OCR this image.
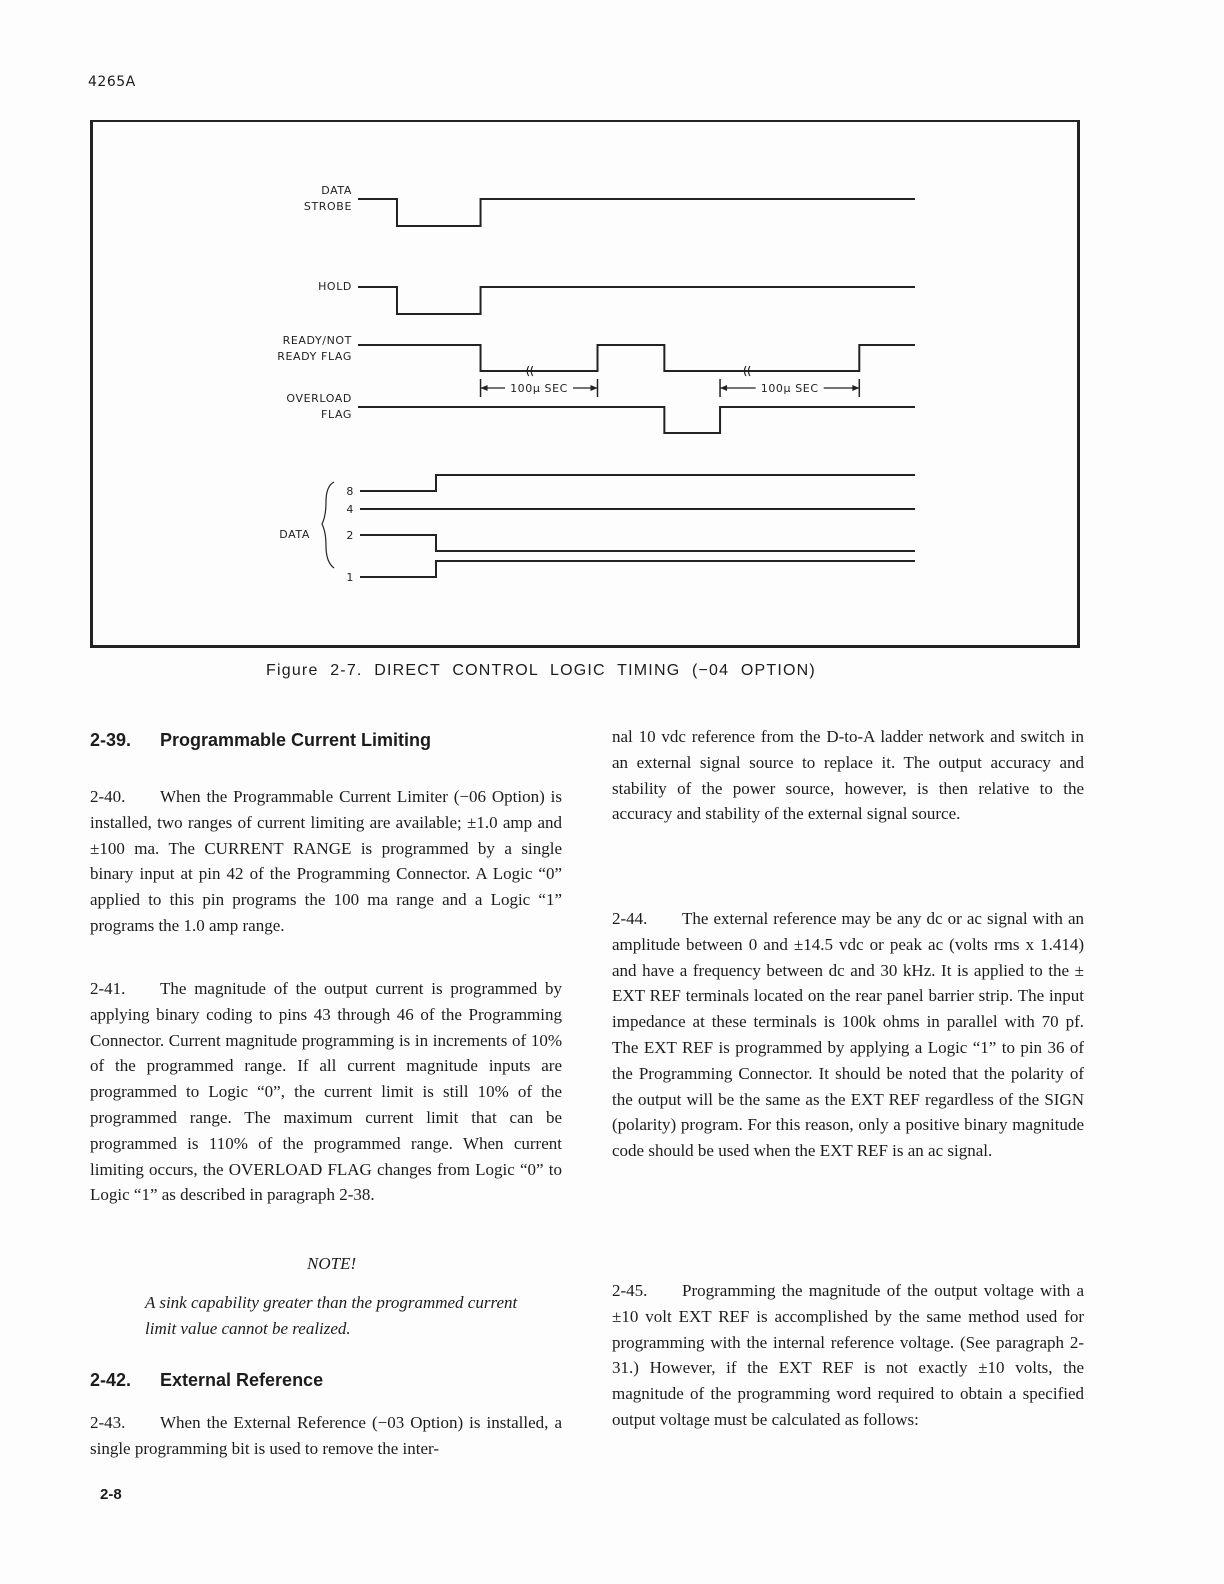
4265A
DATA
STROBE
HOLD
READY/NOT
READY FLAG
OVERLOAD
FLAG
100μ SEC	100μ SEC
8
4
2
1
DATA
Figure 2-7. DIRECT CONTROL LOGIC TIMING (−04 OPTION)
2-39. Programmable Current Limiting

2-40. When the Programmable Current Limiter (−06 Option) is installed, two ranges of current limiting are available; ±1.0 amp and ±100 ma. The CURRENT RANGE is programmed by a single binary input at pin 42 of the Programming Connector. A Logic “0” applied to this pin programs the 100 ma range and a Logic “1” programs the 1.0 amp range.

2-41. The magnitude of the output current is programmed by applying binary coding to pins 43 through 46 of the Programming Connector. Current magnitude programming is in increments of 10% of the programmed range. If all current magnitude inputs are programmed to Logic “0”, the current limit is still 10% of the programmed range. The maximum current limit that can be programmed is 110% of the programmed range. When current limiting occurs, the OVERLOAD FLAG changes from Logic “0” to Logic “1” as described in paragraph 2-38.

NOTE!
A sink capability greater than the programmed current limit value cannot be realized.
2-42. External Reference

2-43. When the External Reference (−03 Option) is installed, a single programming bit is used to remove the inter-

nal 10 vdc reference from the D-to-A ladder network and switch in an external signal source to replace it. The output accuracy and stability of the power source, however, is then relative to the accuracy and stability of the external signal source.

2-44. The external reference may be any dc or ac signal with an amplitude between 0 and ±14.5 vdc or peak ac (volts rms x 1.414) and have a frequency between dc and 30 kHz. It is applied to the ± EXT REF terminals located on the rear panel barrier strip. The input impedance at these terminals is 100k ohms in parallel with 70 pf. The EXT REF is programmed by applying a Logic “1” to pin 36 of the Programming Connector. It should be noted that the polarity of the output will be the same as the EXT REF regardless of the SIGN (polarity) program. For this reason, only a positive binary magnitude code should be used when the EXT REF is an ac signal.

2-45. Programming the magnitude of the output voltage with a ±10 volt EXT REF is accomplished by the same method used for programming with the internal reference voltage. (See paragraph 2-31.) However, if the EXT REF is not exactly ±10 volts, the magnitude of the programming word required to obtain a specified output voltage must be calculated as follows:

2-8
